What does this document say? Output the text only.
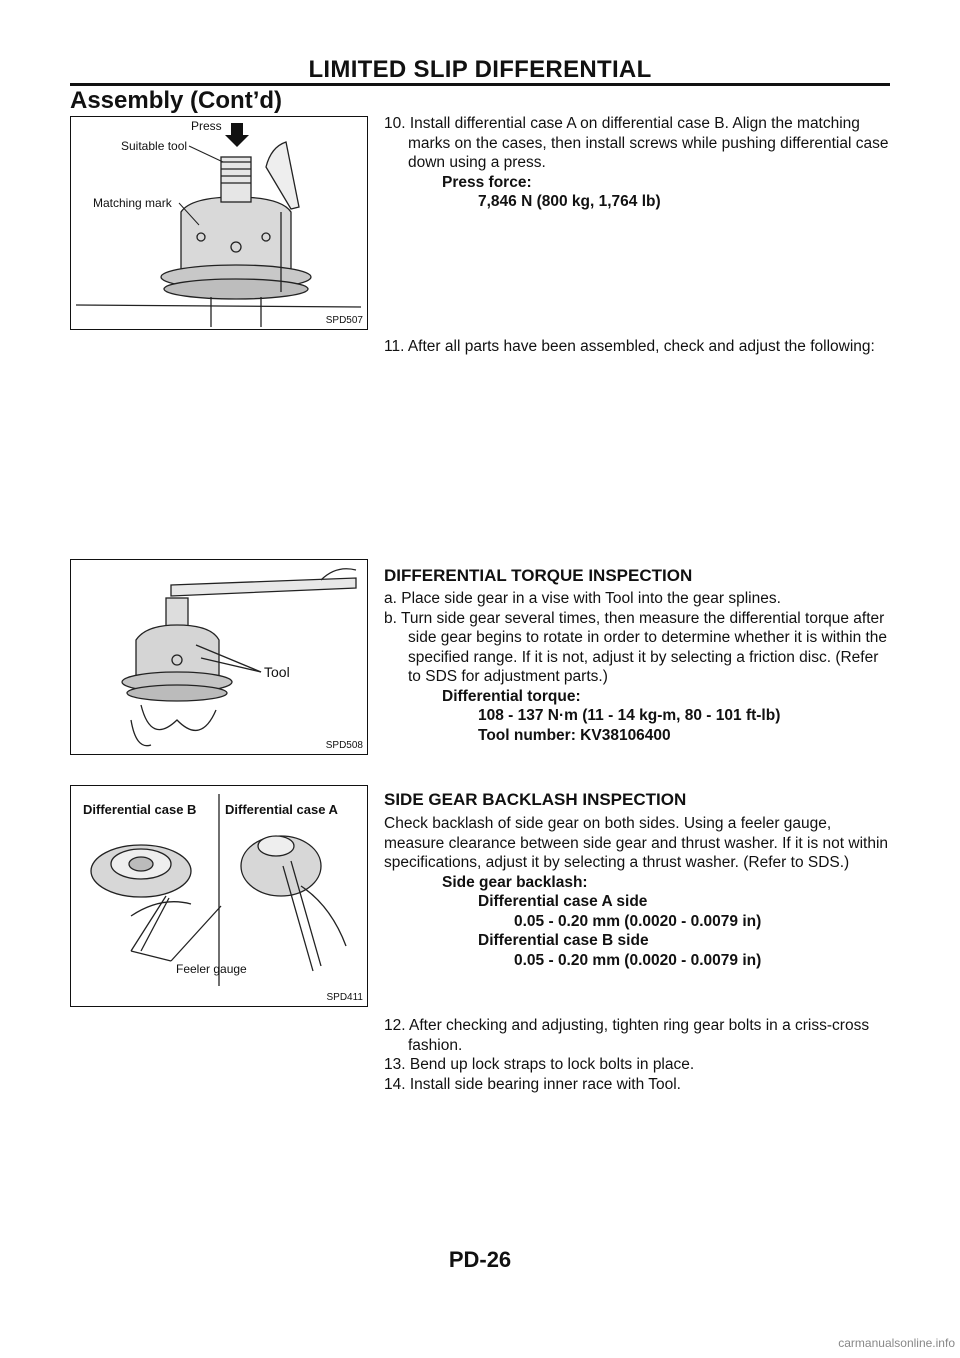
LIMITED SLIP DIFFERENTIAL
Assembly (Cont’d)
Press
Suitable tool
Matching mark
SPD507

10. Install differential case A on differential case B. Align the matching marks on the cases, then install screws while pushing differential case down using a press.

Press force:

7,846 N (800 kg, 1,764 lb)

11. After all parts have been assembled, check and adjust the following:

Tool
SPD508
DIFFERENTIAL TORQUE INSPECTION

a. Place side gear in a vise with Tool into the gear splines.

b. Turn side gear several times, then measure the differential torque after side gear begins to rotate in order to determine whether it is within the specified range. If it is not, adjust it by selecting a friction disc. (Refer to SDS for adjustment parts.)

Differential torque:

108 - 137 N·m (11 - 14 kg-m, 80 - 101 ft-lb)

Tool number: KV38106400

Differential case B Differential case A
Feeler gauge
SPD411
SIDE GEAR BACKLASH INSPECTION

Check backlash of side gear on both sides. Using a feeler gauge, measure clearance between side gear and thrust washer. If it is not within specifications, adjust it by selecting a thrust washer. (Refer to SDS.)

Side gear backlash:

Differential case A side

0.05 - 0.20 mm (0.0020 - 0.0079 in)

Differential case B side

0.05 - 0.20 mm (0.0020 - 0.0079 in)

12. After checking and adjusting, tighten ring gear bolts in a criss-cross fashion.

13. Bend up lock straps to lock bolts in place.

14. Install side bearing inner race with Tool.

PD-26
carmanualsonline.info
